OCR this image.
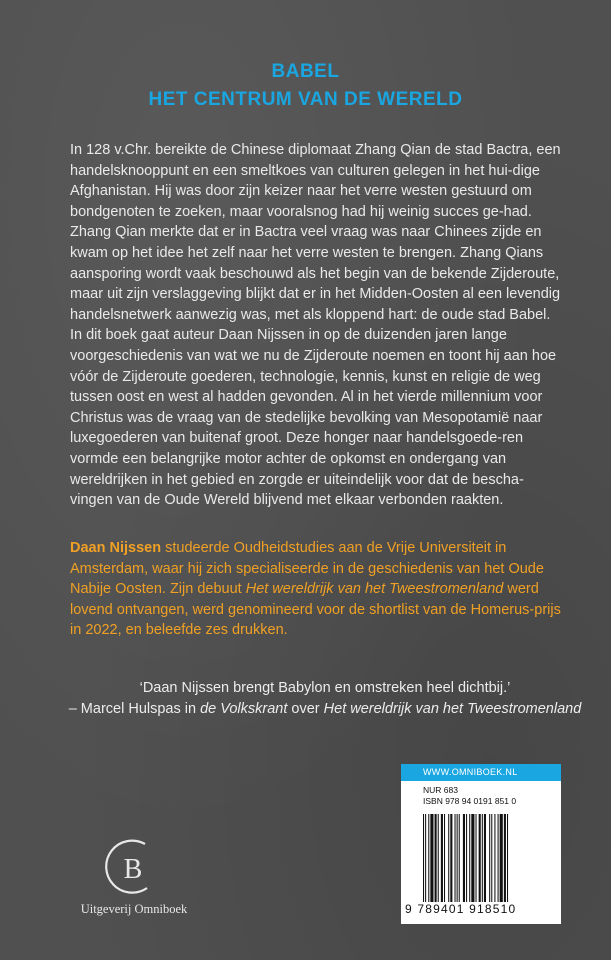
BABEL
HET CENTRUM VAN DE WERELD

In 128 v.Chr. bereikte de Chinese diplomaat Zhang Qian de stad Bactra, een handelsknooppunt en een smeltkoes van culturen gelegen in het hui-dige Afghanistan. Hij was door zijn keizer naar het verre westen gestuurd om bondgenoten te zoeken, maar vooralsnog had hij weinig succes ge-had. Zhang Qian merkte dat er in Bactra veel vraag was naar Chinees zijde en kwam op het idee het zelf naar het verre westen te brengen. Zhang Qians aansporing wordt vaak beschouwd als het begin van de bekende Zijderoute, maar uit zijn verslaggeving blijkt dat er in het Midden-Oosten al een levendig handelsnetwerk aanwezig was, met als kloppend hart: de oude stad Babel.

In dit boek gaat auteur Daan Nijssen in op de duizenden jaren lange voorgeschiedenis van wat we nu de Zijderoute noemen en toont hij aan hoe vóór de Zijderoute goederen, technologie, kennis, kunst en religie de weg tussen oost en west al hadden gevonden. Al in het vierde millennium voor Christus was de vraag van de stedelijke bevolking van Mesopotamië naar luxegoederen van buitenaf groot. Deze honger naar handelsgoede-ren vormde een belangrijke motor achter de opkomst en ondergang van wereldrijken in het gebied en zorgde er uiteindelijk voor dat de bescha-vingen van de Oude Wereld blijvend met elkaar verbonden raakten.

Daan Nijssen studeerde Oudheidstudies aan de Vrije Universiteit in Amsterdam, waar hij zich specialiseerde in de geschiedenis van het Oude Nabije Oosten. Zijn debuut Het wereldrijk van het Tweestromenland werd lovend ontvangen, werd genomineerd voor de shortlist van de Homerus-prijs in 2022, en beleefde zes drukken.

‘Daan Nijssen brengt Babylon en omstreken heel dichtbij.’
– Marcel Hulspas in de Volkskrant over Het wereldrijk van het Tweestromenland
B
Uitgeverij Omniboek
WWW.OMNIBOEK.NL
NUR 683
ISBN 978 94 0191 851 0
9 789401 918510
